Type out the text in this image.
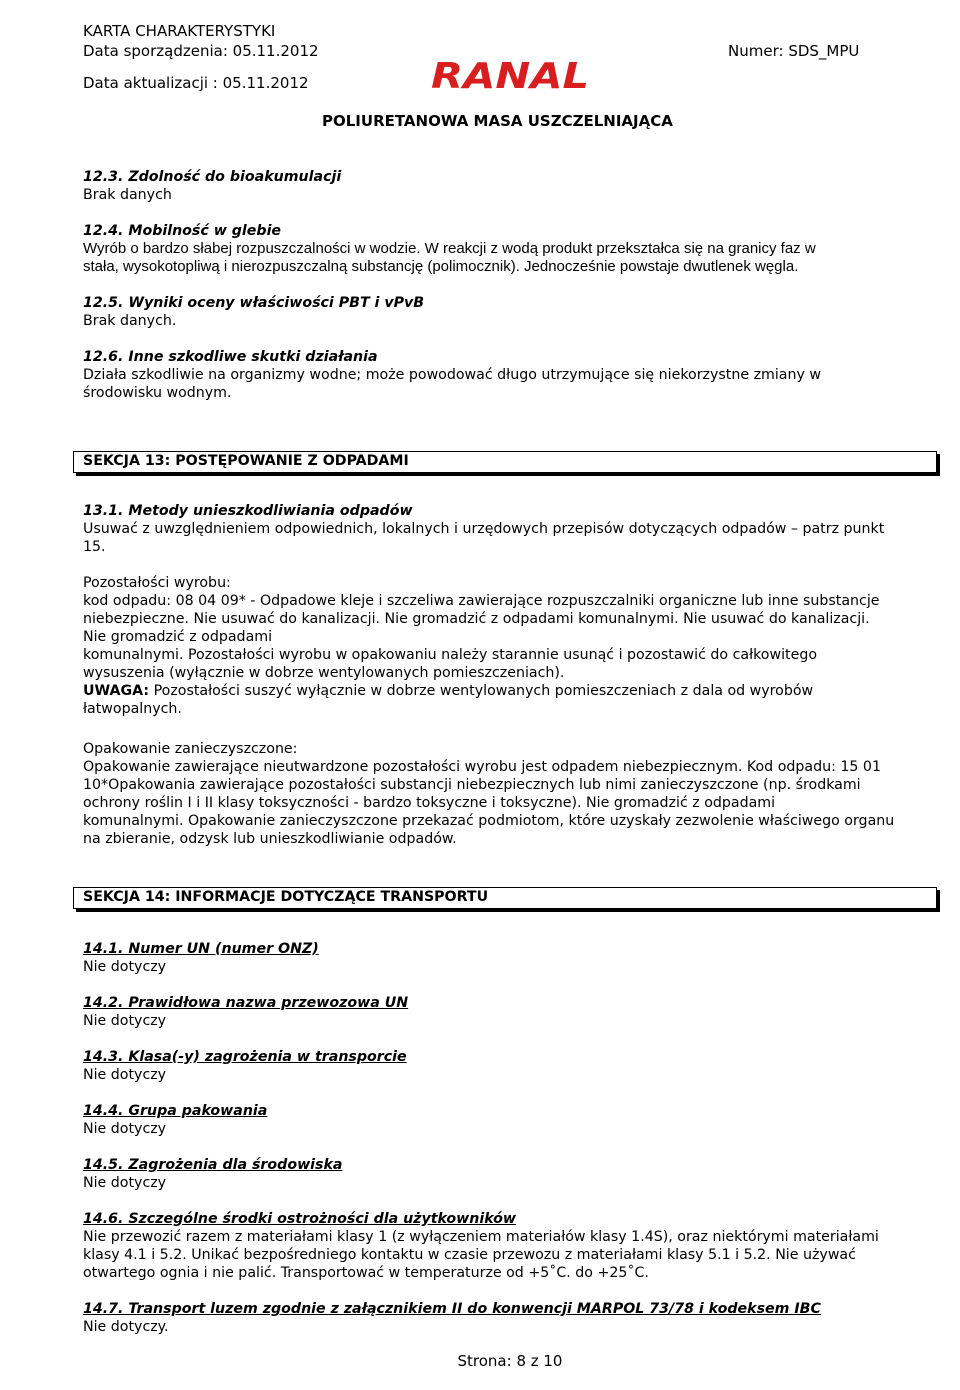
KARTA CHARAKTERYSTYKI
Data sporządzenia: 05.11.2012	Numer: SDS_MPU
Data aktualizacji : 05.11.2012	RANAL
POLIURETANOWA MASA USZCZELNIAJĄCA

12.3. Zdolność do bioakumulacji

Brak danych

12.4. Mobilność w glebie

Wyrób o bardzo słabej rozpuszczalności w wodzie. W reakcji z wodą produkt przekształca się na granicy faz w

stała, wysokotopliwą i nierozpuszczalną substancję (polimocznik). Jednocześnie powstaje dwutlenek węgla.

12.5. Wyniki oceny właściwości PBT i vPvB

Brak danych.

12.6. Inne szkodliwe skutki działania

Działa szkodliwie na organizmy wodne; może powodować długo utrzymujące się niekorzystne zmiany w

środowisku wodnym.

SEKCJA 13: POSTĘPOWANIE Z ODPADAMI

13.1. Metody unieszkodliwiania odpadów

Usuwać z uwzględnieniem odpowiednich, lokalnych i urzędowych przepisów dotyczących odpadów – patrz punkt

15.

Pozostałości wyrobu:

kod odpadu: 08 04 09* - Odpadowe kleje i szczeliwa zawierające rozpuszczalniki organiczne lub inne substancje

niebezpieczne. Nie usuwać do kanalizacji. Nie gromadzić z odpadami komunalnymi. Nie usuwać do kanalizacji.

Nie gromadzić z odpadami

komunalnymi. Pozostałości wyrobu w opakowaniu należy starannie usunąć i pozostawić do całkowitego

wysuszenia (wyłącznie w dobrze wentylowanych pomieszczeniach).

UWAGA: Pozostałości suszyć wyłącznie w dobrze wentylowanych pomieszczeniach z dala od wyrobów

łatwopalnych.

Opakowanie zanieczyszczone:

Opakowanie zawierające nieutwardzone pozostałości wyrobu jest odpadem niebezpiecznym. Kod odpadu: 15 01

10*Opakowania zawierające pozostałości substancji niebezpiecznych lub nimi zanieczyszczone (np. środkami

ochrony roślin I i II klasy toksyczności - bardzo toksyczne i toksyczne). Nie gromadzić z odpadami

komunalnymi. Opakowanie zanieczyszczone przekazać podmiotom, które uzyskały zezwolenie właściwego organu

na zbieranie, odzysk lub unieszkodliwianie odpadów.

SEKCJA 14: INFORMACJE DOTYCZĄCE TRANSPORTU

14.1. Numer UN (numer ONZ)

Nie dotyczy

14.2. Prawidłowa nazwa przewozowa UN

Nie dotyczy

14.3. Klasa(-y) zagrożenia w transporcie

Nie dotyczy

14.4. Grupa pakowania

Nie dotyczy

14.5. Zagrożenia dla środowiska

Nie dotyczy

14.6. Szczególne środki ostrożności dla użytkowników

Nie przewozić razem z materiałami klasy 1 (z wyłączeniem materiałów klasy 1.4S), oraz niektórymi materiałami

klasy 4.1 i 5.2. Unikać bezpośredniego kontaktu w czasie przewozu z materiałami klasy 5.1 i 5.2. Nie używać

otwartego ognia i nie palić. Transportować w temperaturze od +5˚C. do +25˚C.

14.7. Transport luzem zgodnie z załącznikiem II do konwencji MARPOL 73/78 i kodeksem IBC

Nie dotyczy.

Strona: 8 z 10
